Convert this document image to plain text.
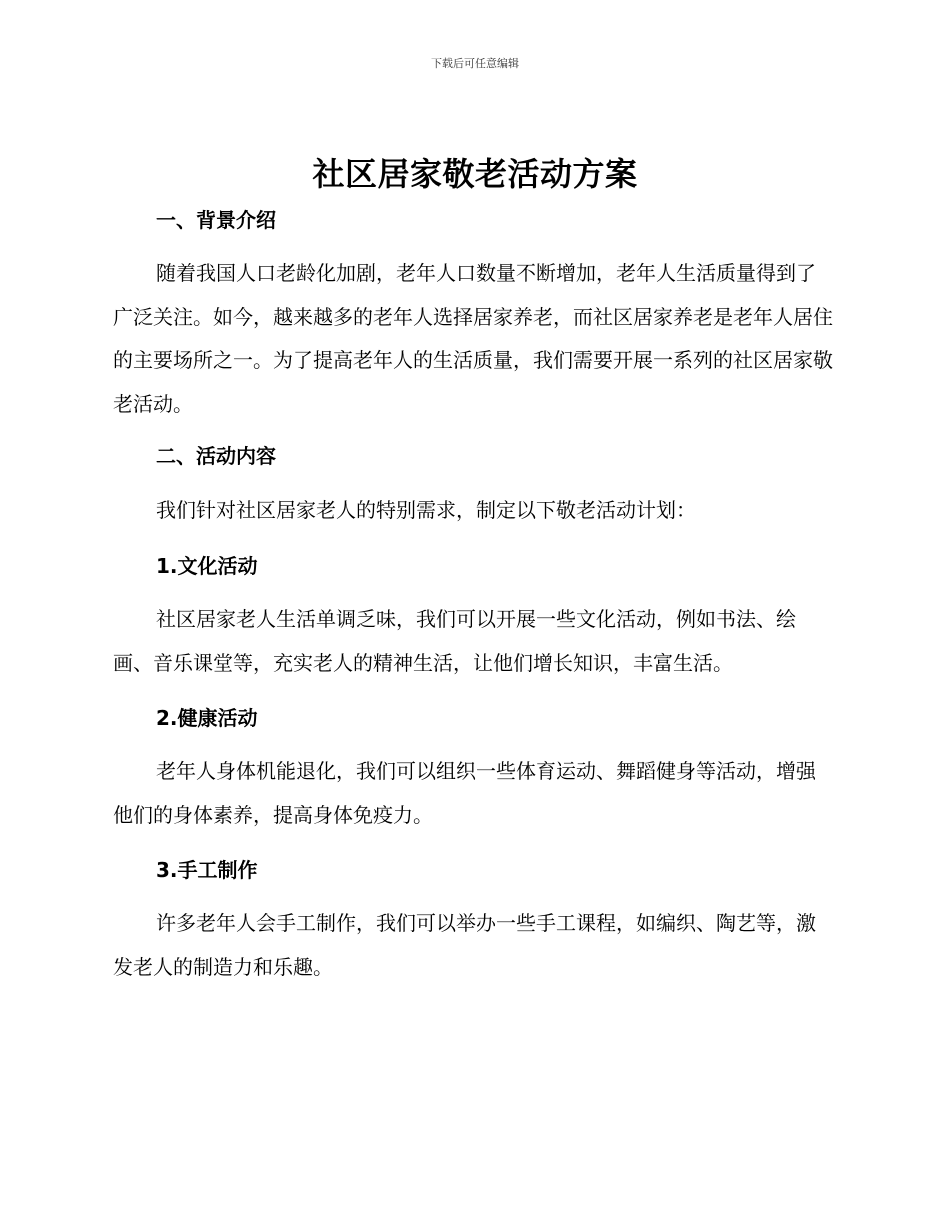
下载后可任意编辑
社区居家敬老活动方案
一、背景介绍

随着我国人口老龄化加剧，老年人口数量不断增加，老年人生活质量得到了广泛关注。如今，越来越多的老年人选择居家养老，而社区居家养老是老年人居住的主要场所之一。为了提高老年人的生活质量，我们需要开展一系列的社区居家敬老活动。

二、活动内容

我们针对社区居家老人的特别需求，制定以下敬老活动计划：

1.文化活动

社区居家老人生活单调乏味，我们可以开展一些文化活动，例如书法、绘画、音乐课堂等，充实老人的精神生活，让他们增长知识，丰富生活。

2.健康活动

老年人身体机能退化，我们可以组织一些体育运动、舞蹈健身等活动，增强他们的身体素养，提高身体免疫力。

3.手工制作

许多老年人会手工制作，我们可以举办一些手工课程，如编织、陶艺等，激发老人的制造力和乐趣。
